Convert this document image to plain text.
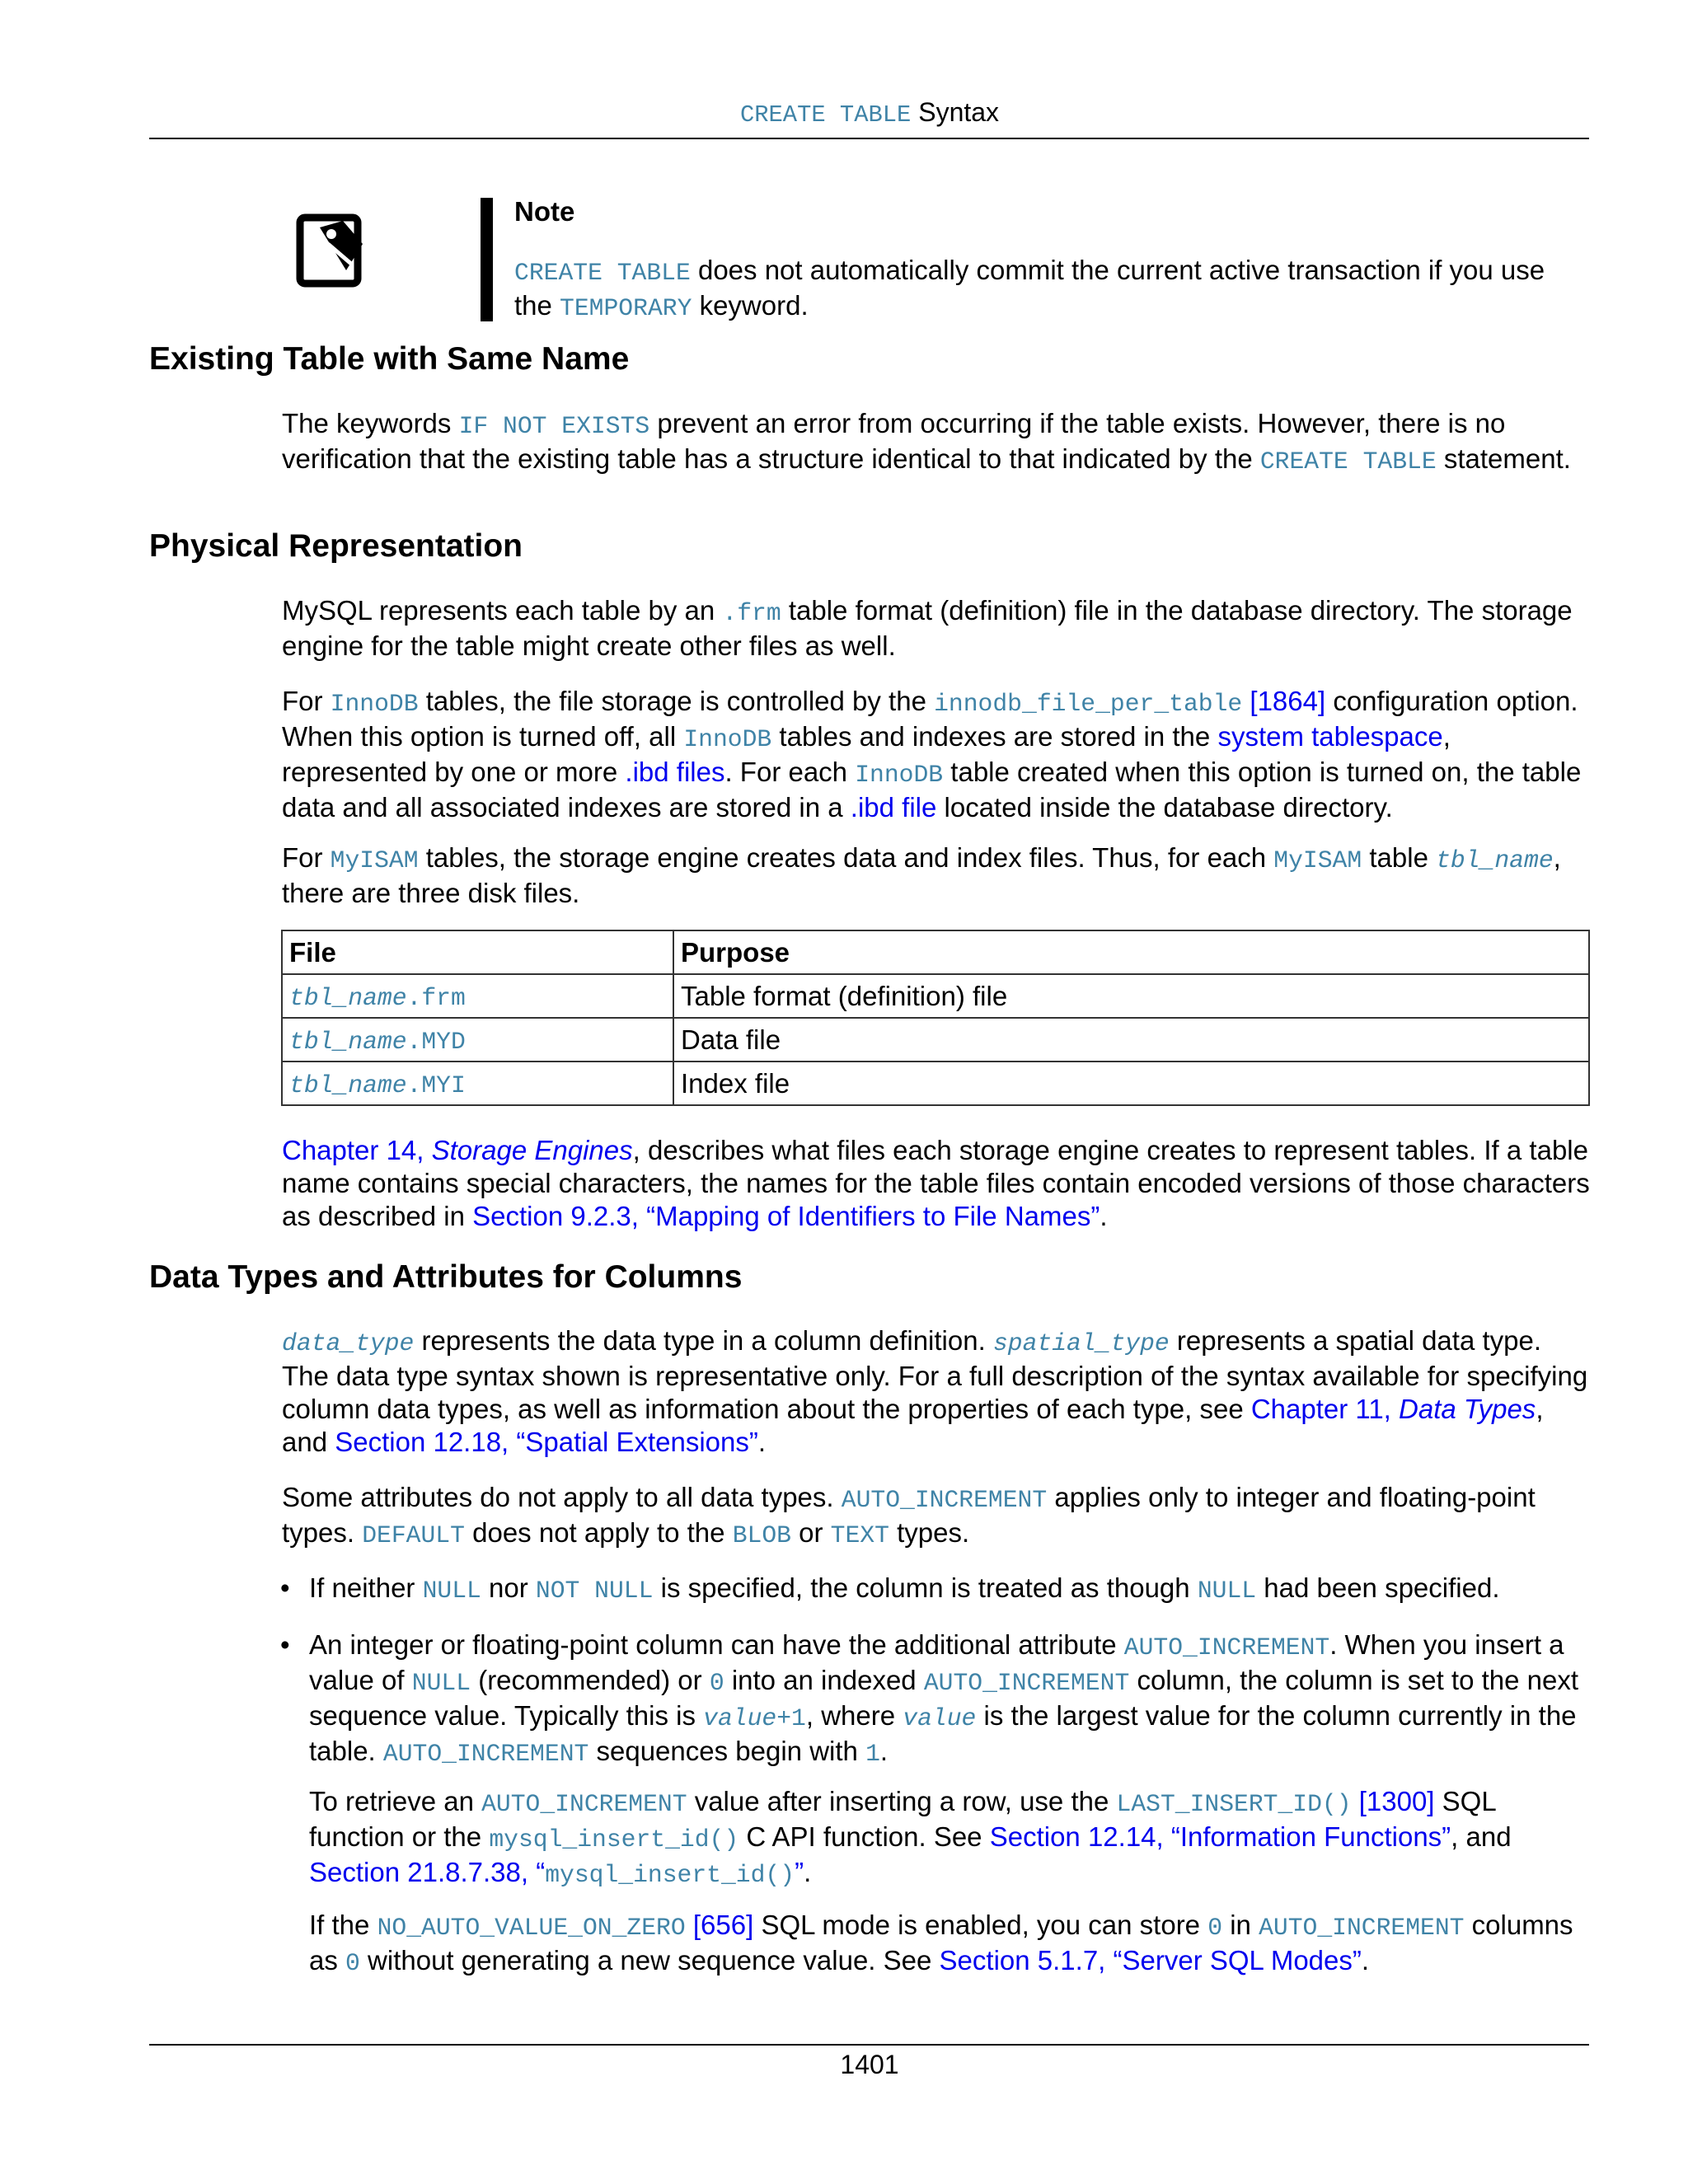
CREATE TABLE Syntax
Note
CREATE TABLE does not automatically commit the current active transaction if you use the TEMPORARY keyword.
Existing Table with Same Name
The keywords IF NOT EXISTS prevent an error from occurring if the table exists. However, there is no verification that the existing table has a structure identical to that indicated by the CREATE TABLE statement.
Physical Representation
MySQL represents each table by an .frm table format (definition) file in the database directory. The storage engine for the table might create other files as well.
For InnoDB tables, the file storage is controlled by the innodb_file_per_table [1864] configuration option. When this option is turned off, all InnoDB tables and indexes are stored in the system tablespace, represented by one or more .ibd files. For each InnoDB table created when this option is turned on, the table data and all associated indexes are stored in a .ibd file located inside the database directory.
For MyISAM tables, the storage engine creates data and index files. Thus, for each MyISAM table tbl_name, there are three disk files.
File	Purpose
tbl_name.frm	Table format (definition) file
tbl_name.MYD	Data file
tbl_name.MYI	Index file
Chapter 14, Storage Engines, describes what files each storage engine creates to represent tables. If a table name contains special characters, the names for the table files contain encoded versions of those characters as described in Section 9.2.3, “Mapping of Identifiers to File Names”.
Data Types and Attributes for Columns
data_type represents the data type in a column definition. spatial_type represents a spatial data type. The data type syntax shown is representative only. For a full description of the syntax available for specifying column data types, as well as information about the properties of each type, see Chapter 11, Data Types, and Section 12.18, “Spatial Extensions”.
Some attributes do not apply to all data types. AUTO_INCREMENT applies only to integer and floating-point types. DEFAULT does not apply to the BLOB or TEXT types.
• If neither NULL nor NOT NULL is specified, the column is treated as though NULL had been specified.
• An integer or floating-point column can have the additional attribute AUTO_INCREMENT. When you insert a value of NULL (recommended) or 0 into an indexed AUTO_INCREMENT column, the column is set to the next sequence value. Typically this is value+1, where value is the largest value for the column currently in the table. AUTO_INCREMENT sequences begin with 1.
To retrieve an AUTO_INCREMENT value after inserting a row, use the LAST_INSERT_ID() [1300] SQL function or the mysql_insert_id() C API function. See Section 12.14, “Information Functions”, and Section 21.8.7.38, “mysql_insert_id()”.
If the NO_AUTO_VALUE_ON_ZERO [656] SQL mode is enabled, you can store 0 in AUTO_INCREMENT columns as 0 without generating a new sequence value. See Section 5.1.7, “Server SQL Modes”.
1401
